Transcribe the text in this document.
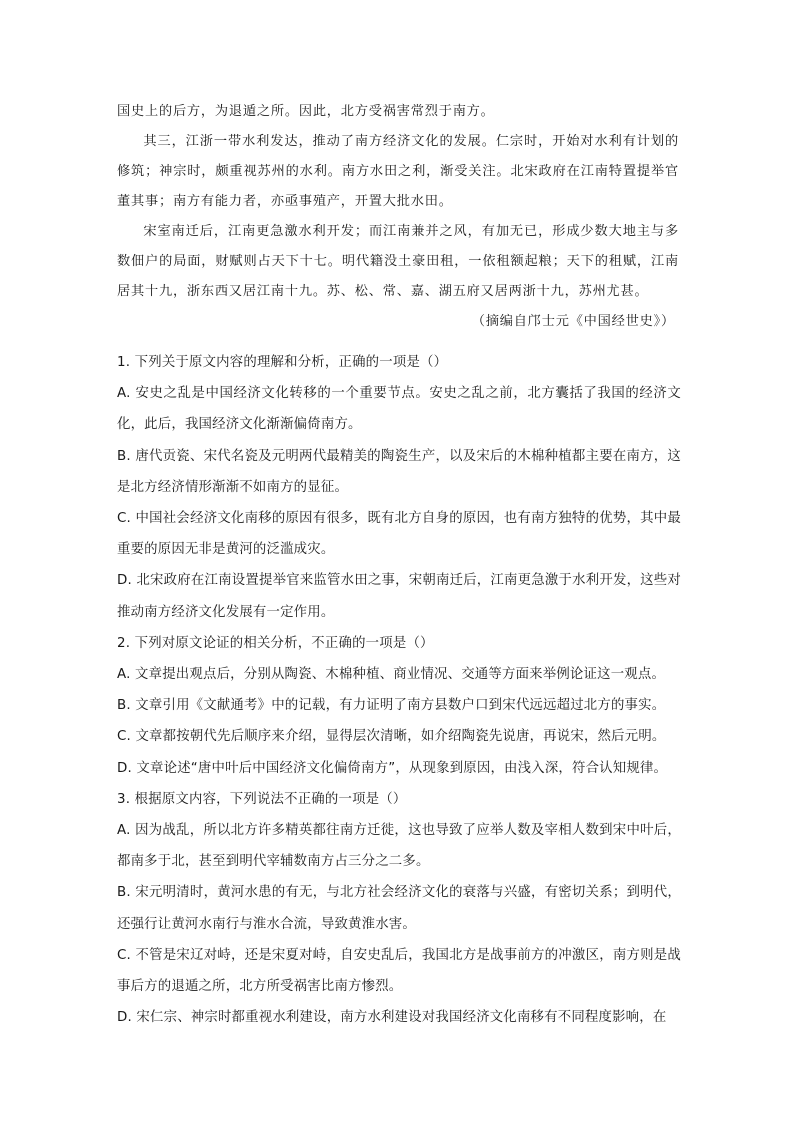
国史上的后方，为退遁之所。因此，北方受祸害常烈于南方。

其三，江浙一带水利发达，推动了南方经济文化的发展。仁宗时，开始对水利有计划的修筑；神宗时，颇重视苏州的水利。南方水田之利，渐受关注。北宋政府在江南特置提举官董其事；南方有能力者，亦亟事殖产，开置大批水田。

宋室南迁后，江南更急激水利开发；而江南兼并之风，有加无已，形成少数大地主与多数佃户的局面，财赋则占天下十七。明代籍没土豪田租，一依租额起粮；天下的租赋，江南居其十九，浙东西又居江南十九。苏、松、常、嘉、湖五府又居两浙十九，苏州尤甚。

（摘编自邝士元《中国经世史》）

1. 下列关于原文内容的理解和分析，正确的一项是（）

A. 安史之乱是中国经济文化转移的一个重要节点。安史之乱之前，北方囊括了我国的经济文化，此后，我国经济文化渐渐偏倚南方。

B. 唐代贡瓷、宋代名瓷及元明两代最精美的陶瓷生产，以及宋后的木棉种植都主要在南方，这是北方经济情形渐渐不如南方的显征。

C. 中国社会经济文化南移的原因有很多，既有北方自身的原因，也有南方独特的优势，其中最重要的原因无非是黄河的泛滥成灾。

D. 北宋政府在江南设置提举官来监管水田之事，宋朝南迁后，江南更急激于水利开发，这些对推动南方经济文化发展有一定作用。

2. 下列对原文论证的相关分析，不正确的一项是（）

A. 文章提出观点后，分别从陶瓷、木棉种植、商业情况、交通等方面来举例论证这一观点。

B. 文章引用《文献通考》中的记载，有力证明了南方县数户口到宋代远远超过北方的事实。

C. 文章都按朝代先后顺序来介绍，显得层次清晰，如介绍陶瓷先说唐，再说宋，然后元明。

D. 文章论述“唐中叶后中国经济文化偏倚南方”，从现象到原因，由浅入深，符合认知规律。

3. 根据原文内容，下列说法不正确的一项是（）

A. 因为战乱，所以北方许多精英都往南方迁徙，这也导致了应举人数及宰相人数到宋中叶后，都南多于北，甚至到明代宰辅数南方占三分之二多。

B. 宋元明清时，黄河水患的有无，与北方社会经济文化的衰落与兴盛，有密切关系；到明代，还强行让黄河水南行与淮水合流，导致黄淮水害。

C. 不管是宋辽对峙，还是宋夏对峙，自安史乱后，我国北方是战事前方的冲激区，南方则是战事后方的退遁之所，北方所受祸害比南方惨烈。

D. 宋仁宗、神宗时都重视水利建设，南方水利建设对我国经济文化南移有不同程度影响，在
